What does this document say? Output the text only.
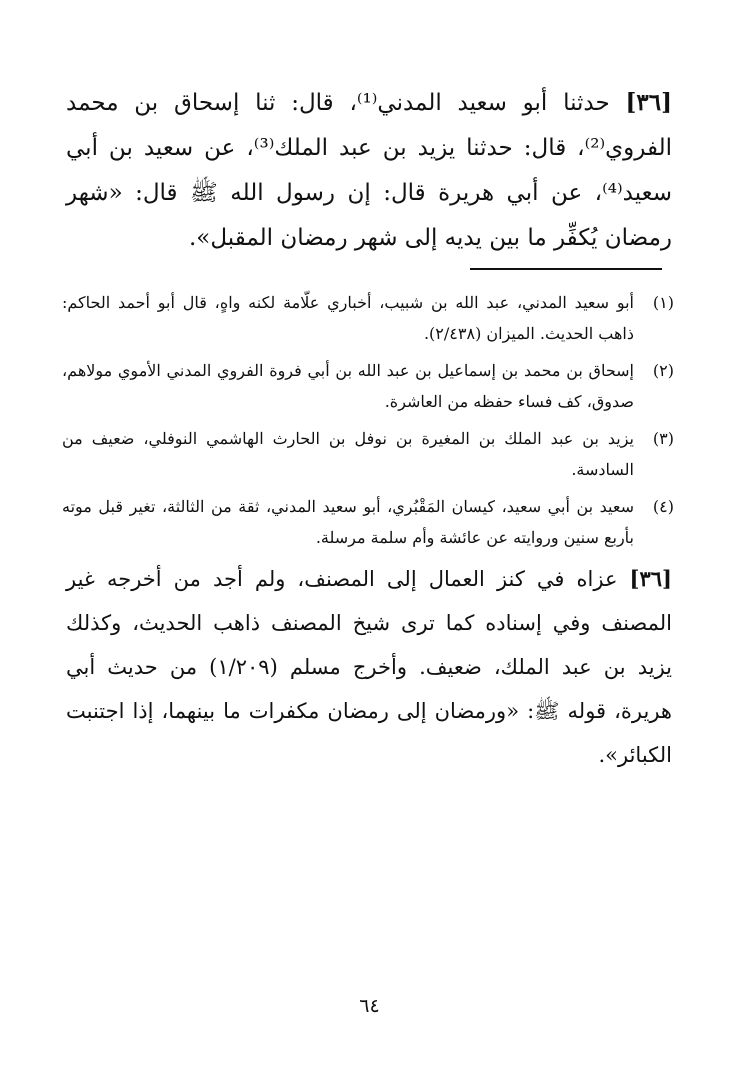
[٣٦] حدثنا أبو سعيد المدني⁽¹⁾، قال: ثنا إسحاق بن محمد الفروي⁽²⁾، قال: حدثنا يزيد بن عبد الملك⁽³⁾، عن سعيد بن أبي سعيد⁽⁴⁾، عن أبي هريرة قال: إن رسول الله ﷺ قال: «شهر رمضان يُكفِّر ما بين يديه إلى شهر رمضان المقبل».
(١)
أبو سعيد المدني، عبد الله بن شبيب، أخباري علّامة لكنه واهٍ، قال أبو أحمد الحاكم: ذاهب الحديث. الميزان (٢/٤٣٨).
(٢)
إسحاق بن محمد بن إسماعيل بن عبد الله بن أبي فروة الفروي المدني الأموي مولاهم، صدوق، كف فساء حفظه من العاشرة.
(٣)
يزيد بن عبد الملك بن المغيرة بن نوفل بن الحارث الهاشمي النوفلي، ضعيف من السادسة.
(٤)
سعيد بن أبي سعيد، كيسان المَقْبُري، أبو سعيد المدني، ثقة من الثالثة، تغير قبل موته بأربع سنين وروايته عن عائشة وأم سلمة مرسلة.
[٣٦] عزاه في كنز العمال إلى المصنف، ولم أجد من أخرجه غير المصنف وفي إسناده كما ترى شيخ المصنف ذاهب الحديث، وكذلك يزيد بن عبد الملك، ضعيف. وأخرج مسلم (١/٢٠٩) من حديث أبي هريرة، قوله ﷺ: «ورمضان إلى رمضان مكفرات ما بينهما، إذا اجتنبت الكبائر».
٦٤
